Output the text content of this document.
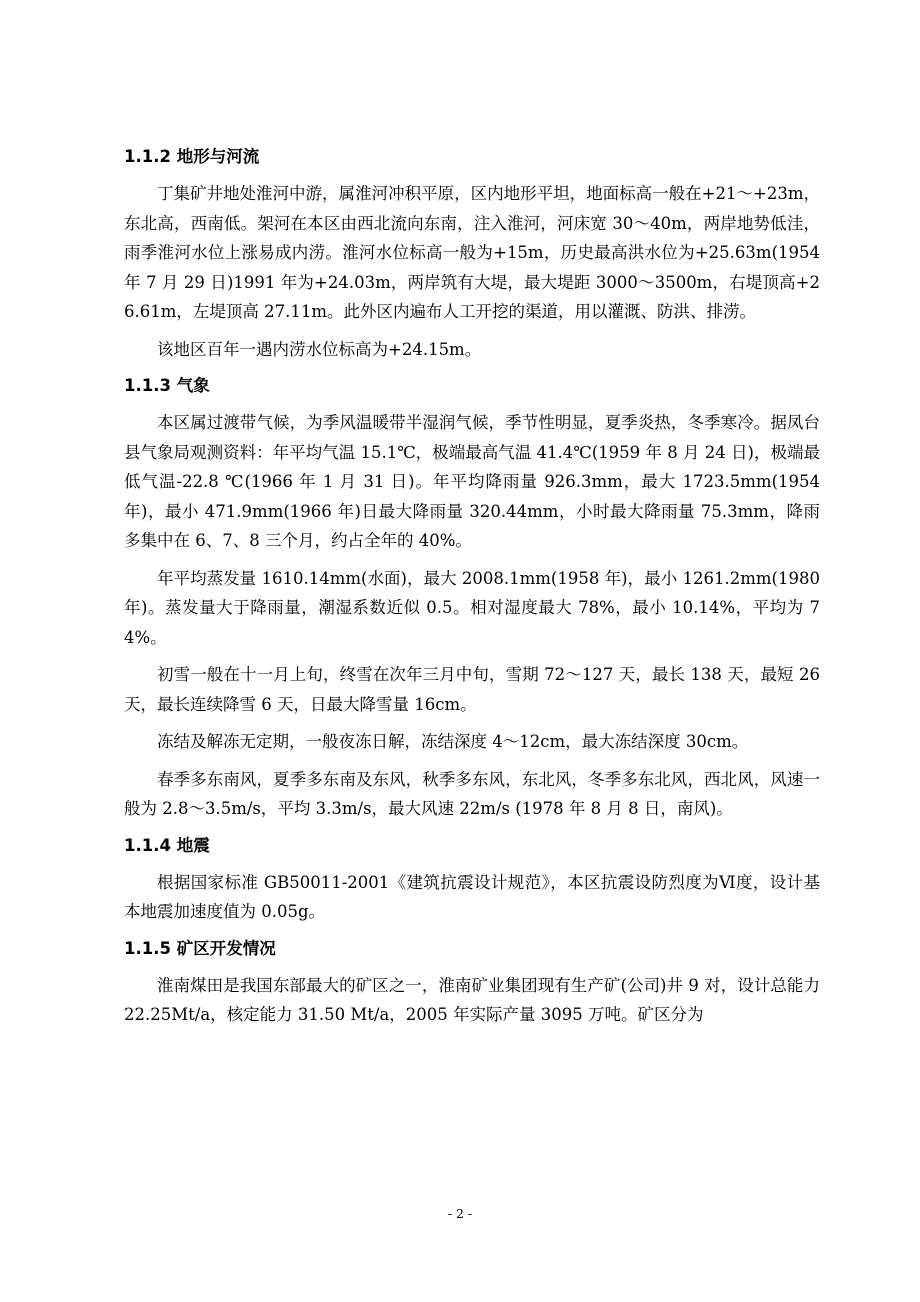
1.1.2 地形与河流

丁集矿井地处淮河中游，属淮河冲积平原，区内地形平坦，地面标高一般在+21～+23m，东北高，西南低。架河在本区由西北流向东南，注入淮河，河床宽 30～40m，两岸地势低洼，雨季淮河水位上涨易成内涝。淮河水位标高一般为+15m，历史最高洪水位为+25.63m(1954 年 7 月 29 日)1991 年为+24.03m，两岸筑有大堤，最大堤距 3000～3500m，右堤顶高+26.61m，左堤顶高 27.11m。此外区内遍布人工开挖的渠道，用以灌溉、防洪、排涝。

该地区百年一遇内涝水位标高为+24.15m。

1.1.3 气象

本区属过渡带气候，为季风温暖带半湿润气候，季节性明显，夏季炎热，冬季寒冷。据凤台县气象局观测资料：年平均气温 15.1℃，极端最高气温 41.4℃(1959 年 8 月 24 日)，极端最低气温-22.8 ℃(1966 年 1 月 31 日)。年平均降雨量 926.3mm，最大 1723.5mm(1954 年)，最小 471.9mm(1966 年)日最大降雨量 320.44mm，小时最大降雨量 75.3mm，降雨多集中在 6、7、8 三个月，约占全年的 40%。

年平均蒸发量 1610.14mm(水面)，最大 2008.1mm(1958 年)，最小 1261.2mm(1980 年)。蒸发量大于降雨量，潮湿系数近似 0.5。相对湿度最大 78%，最小 10.14%，平均为 74%。

初雪一般在十一月上旬，终雪在次年三月中旬，雪期 72～127 天，最长 138 天，最短 26 天，最长连续降雪 6 天，日最大降雪量 16cm。

冻结及解冻无定期，一般夜冻日解，冻结深度 4～12cm，最大冻结深度 30cm。

春季多东南风，夏季多东南及东风，秋季多东风，东北风，冬季多东北风，西北风，风速一般为 2.8～3.5m/s，平均 3.3m/s，最大风速 22m/s (1978 年 8 月 8 日，南风)。

1.1.4 地震

根据国家标准 GB50011-2001《建筑抗震设计规范》，本区抗震设防烈度为Ⅵ度，设计基本地震加速度值为 0.05g。

1.1.5 矿区开发情况

淮南煤田是我国东部最大的矿区之一，淮南矿业集团现有生产矿(公司)井 9 对，设计总能力 22.25Mt/a，核定能力 31.50 Mt/a，2005 年实际产量 3095 万吨。矿区分为

- 2 -
